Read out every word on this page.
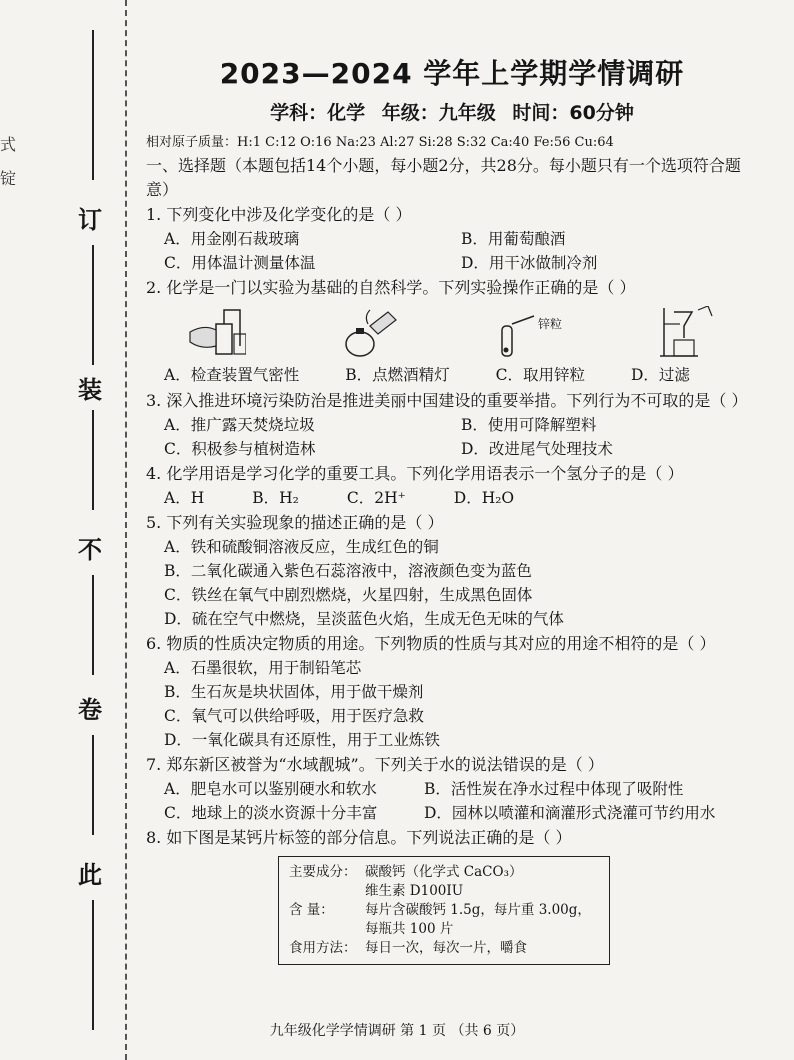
式
锭
订
装
不
卷
此
2023—2024 学年上学期学情调研
学科：化学 年级：九年级 时间：60分钟
相对原子质量：H:1 C:12 O:16 Na:23 Al:27 Si:28 S:32 Ca:40 Fe:56 Cu:64
一、选择题（本题包括14个小题，每小题2分，共28分。每小题只有一个选项符合题意）
1. 下列变化中涉及化学变化的是（ ）
A．用金刚石裁玻璃	B．用葡萄酿酒
C．用体温计测量体温	D．用干冰做制冷剂
2. 化学是一门以实验为基础的自然科学。下列实验操作正确的是（ ）
锌粒
A．检查装置气密性	B．点燃酒精灯	C．取用锌粒	D．过滤
3. 深入推进环境污染防治是推进美丽中国建设的重要举措。下列行为不可取的是（ ）
A．推广露天焚烧垃圾	B．使用可降解塑料
C．积极参与植树造林	D．改进尾气处理技术
4. 化学用语是学习化学的重要工具。下列化学用语表示一个氢分子的是（ ）
A．H	B．H₂	C．2H⁺	D．H₂O
5. 下列有关实验现象的描述正确的是（ ）
A．铁和硫酸铜溶液反应，生成红色的铜
B．二氧化碳通入紫色石蕊溶液中，溶液颜色变为蓝色
C．铁丝在氧气中剧烈燃烧，火星四射，生成黑色固体
D．硫在空气中燃烧，呈淡蓝色火焰，生成无色无味的气体
6. 物质的性质决定物质的用途。下列物质的性质与其对应的用途不相符的是（ ）
A．石墨很软，用于制铅笔芯
B．生石灰是块状固体，用于做干燥剂
C．氧气可以供给呼吸，用于医疗急救
D．一氧化碳具有还原性，用于工业炼铁
7. 郑东新区被誉为“水域靓城”。下列关于水的说法错误的是（ ）
A．肥皂水可以鉴别硬水和软水	B．活性炭在净水过程中体现了吸附性
C．地球上的淡水资源十分丰富	D．园林以喷灌和滴灌形式浇灌可节约用水
8. 如下图是某钙片标签的部分信息。下列说法正确的是（ ）
主要成分： 碳酸钙（化学式 CaCO₃）
维生素 D100IU
含 量：	每片含碳酸钙 1.5g，每片重 3.00g，
每瓶共 100 片
食用方法： 每日一次，每次一片，嚼食
九年级化学学情调研 第 1 页 （共 6 页）
